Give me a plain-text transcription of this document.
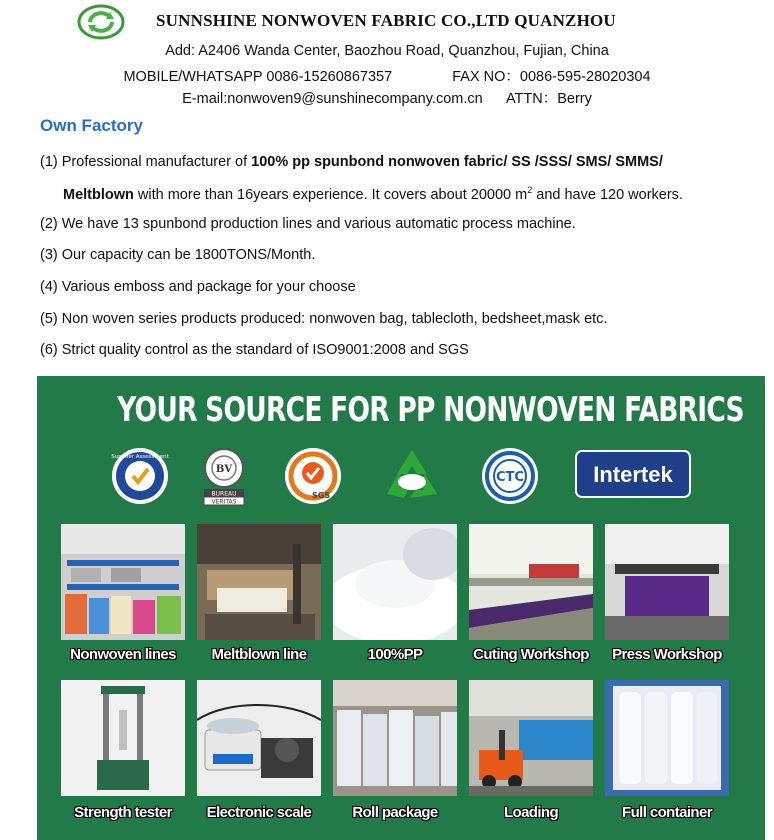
SUNNSHINE NONWOVEN FABRIC CO.,LTD QUANZHOU
Add: A2406 Wanda Center, Baozhou Road, Quanzhou, Fujian, China
MOBILE/WHATSAPP 0086-15260867357	FAX NO：0086-595-28020304
E-mail:nonwoven9@sunshinecompany.com.cn ATTN：Berry
Own Factory
(1) Professional manufacturer of 100% pp spunbond nonwoven fabric/ SS /SSS/ SMS/ SMMS/
Meltblown with more than 16years experience. It covers about 20000 $m^2$ and have 120 workers.
(2) We have 13 spunbond production lines and various automatic process machine.
(3) Our capacity can be 1800TONS/Month.
(4) Various emboss and package for your choose
(5) Non woven series products produced: nonwoven bag, tablecloth, bedsheet,mask etc.
(6) Strict quality control as the standard of ISO9001:2008 and SGS
YOUR SOURCE FOR PP NONWOVEN FABRICS
Supplier Assessment
BV
BUREAU
VERITAS
SGS
CTC	Intertek
Nonwoven lines	Meltblown line	100%PP	Cuting Workshop	Press Workshop
Strength tester	Electronic scale	Roll package	Loading	Full container
